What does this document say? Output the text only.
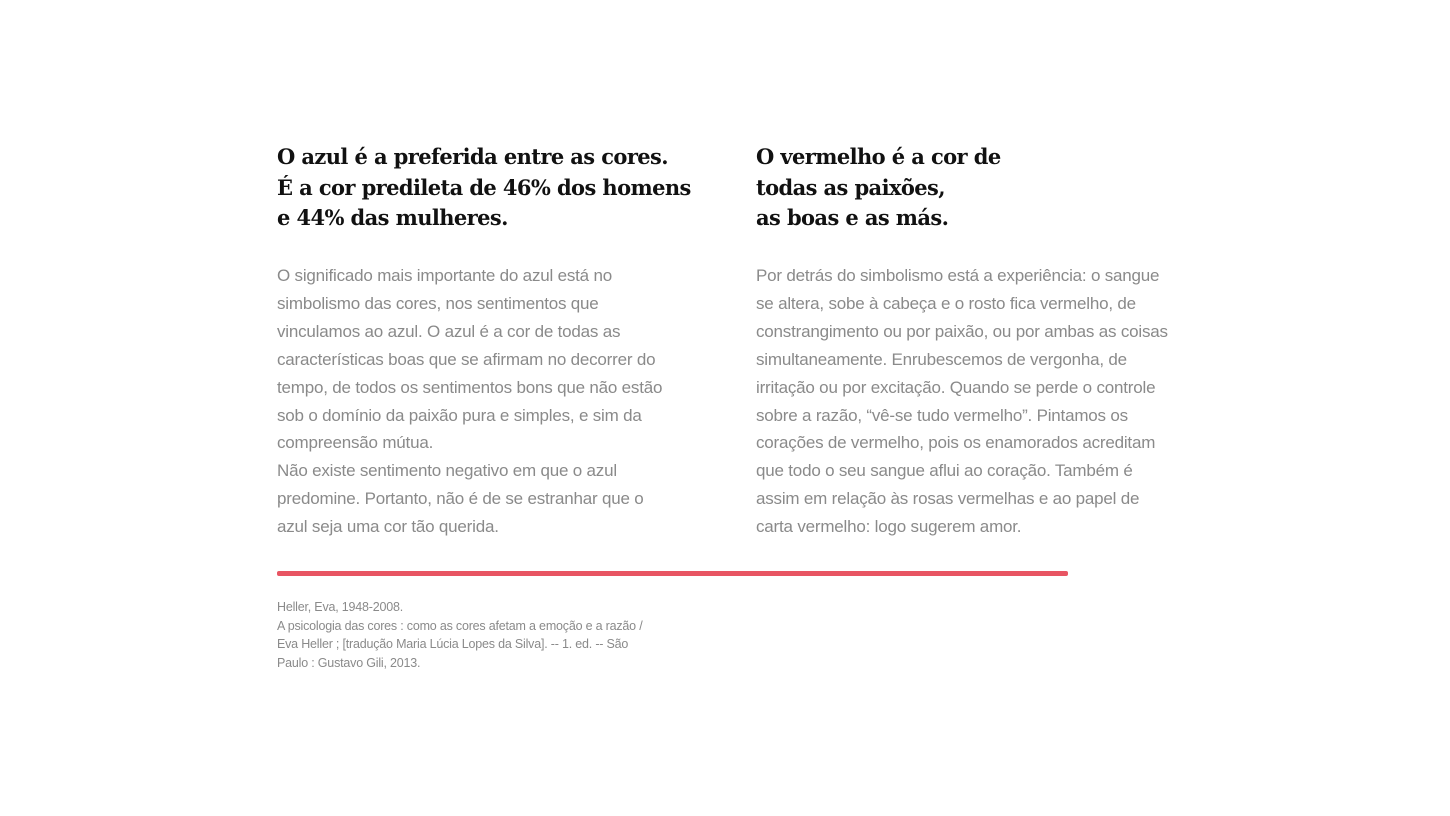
O azul é a preferida entre as cores.
É a cor predileta de 46% dos homens
e 44% das mulheres.

O significado mais importante do azul está no
simbolismo das cores, nos sentimentos que
vinculamos ao azul. O azul é a cor de todas as
características boas que se afirmam no decorrer do
tempo, de todos os sentimentos bons que não estão
sob o domínio da paixão pura e simples, e sim da
compreensão mútua.
Não existe sentimento negativo em que o azul
predomine. Portanto, não é de se estranhar que o
azul seja uma cor tão querida.

O vermelho é a cor de
todas as paixões,
as boas e as más.

Por detrás do simbolismo está a experiência: o sangue
se altera, sobe à cabeça e o rosto fica vermelho, de
constrangimento ou por paixão, ou por ambas as coisas
simultaneamente. Enrubescemos de vergonha, de
irritação ou por excitação. Quando se perde o controle
sobre a razão, “vê-se tudo vermelho”. Pintamos os
corações de vermelho, pois os enamorados acreditam
que todo o seu sangue aflui ao coração. Também é
assim em relação às rosas vermelhas e ao papel de
carta vermelho: logo sugerem amor.

Heller, Eva, 1948-2008.
A psicologia das cores : como as cores afetam a emoção e a razão /
Eva Heller ; [tradução Maria Lúcia Lopes da Silva]. -- 1. ed. -- São
Paulo : Gustavo Gili, 2013.
